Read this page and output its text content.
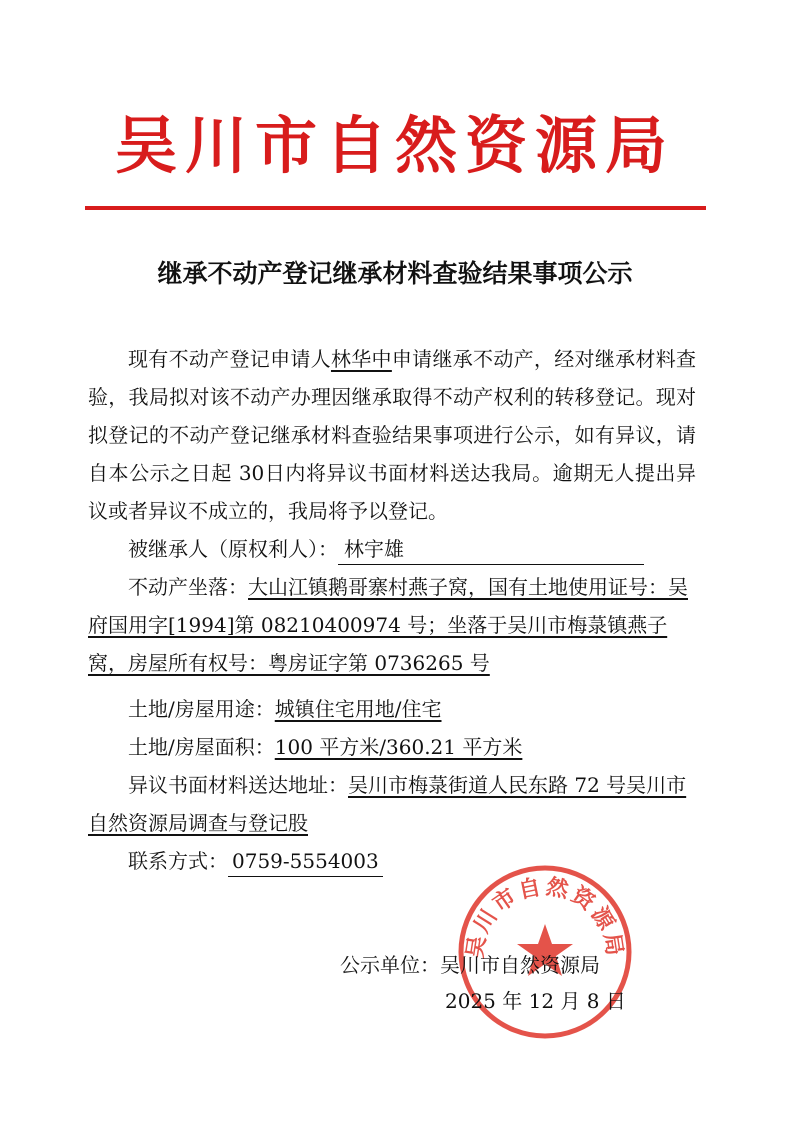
吴川市自然资源局
继承不动产登记继承材料查验结果事项公示

现有不动产登记申请人林华中申请继承不动产，经对继承材料查验，我局拟对该不动产办理因继承取得不动产权利的转移登记。现对拟登记的不动产登记继承材料查验结果事项进行公示，如有异议，请自本公示之日起 30日内将异议书面材料送达我局。逾期无人提出异议或者异议不成立的，我局将予以登记。

被继承人（原权利人）： 林宇雄

不动产坐落：大山江镇鹅哥寨村燕子窝，国有土地使用证号：吴府国用字[1994]第 08210400974 号；坐落于吴川市梅菉镇燕子窝，房屋所有权号：粤房证字第 0736265 号

土地/房屋用途：城镇住宅用地/住宅

土地/房屋面积：100 平方米/360.21 平方米

异议书面材料送达地址：吴川市梅菉街道人民东路 72 号吴川市自然资源局调查与登记股

联系方式： 0759-5554003

吴川市自然资源局
公示单位：吴川市自然资源局
2025 年 12 月 8 日
